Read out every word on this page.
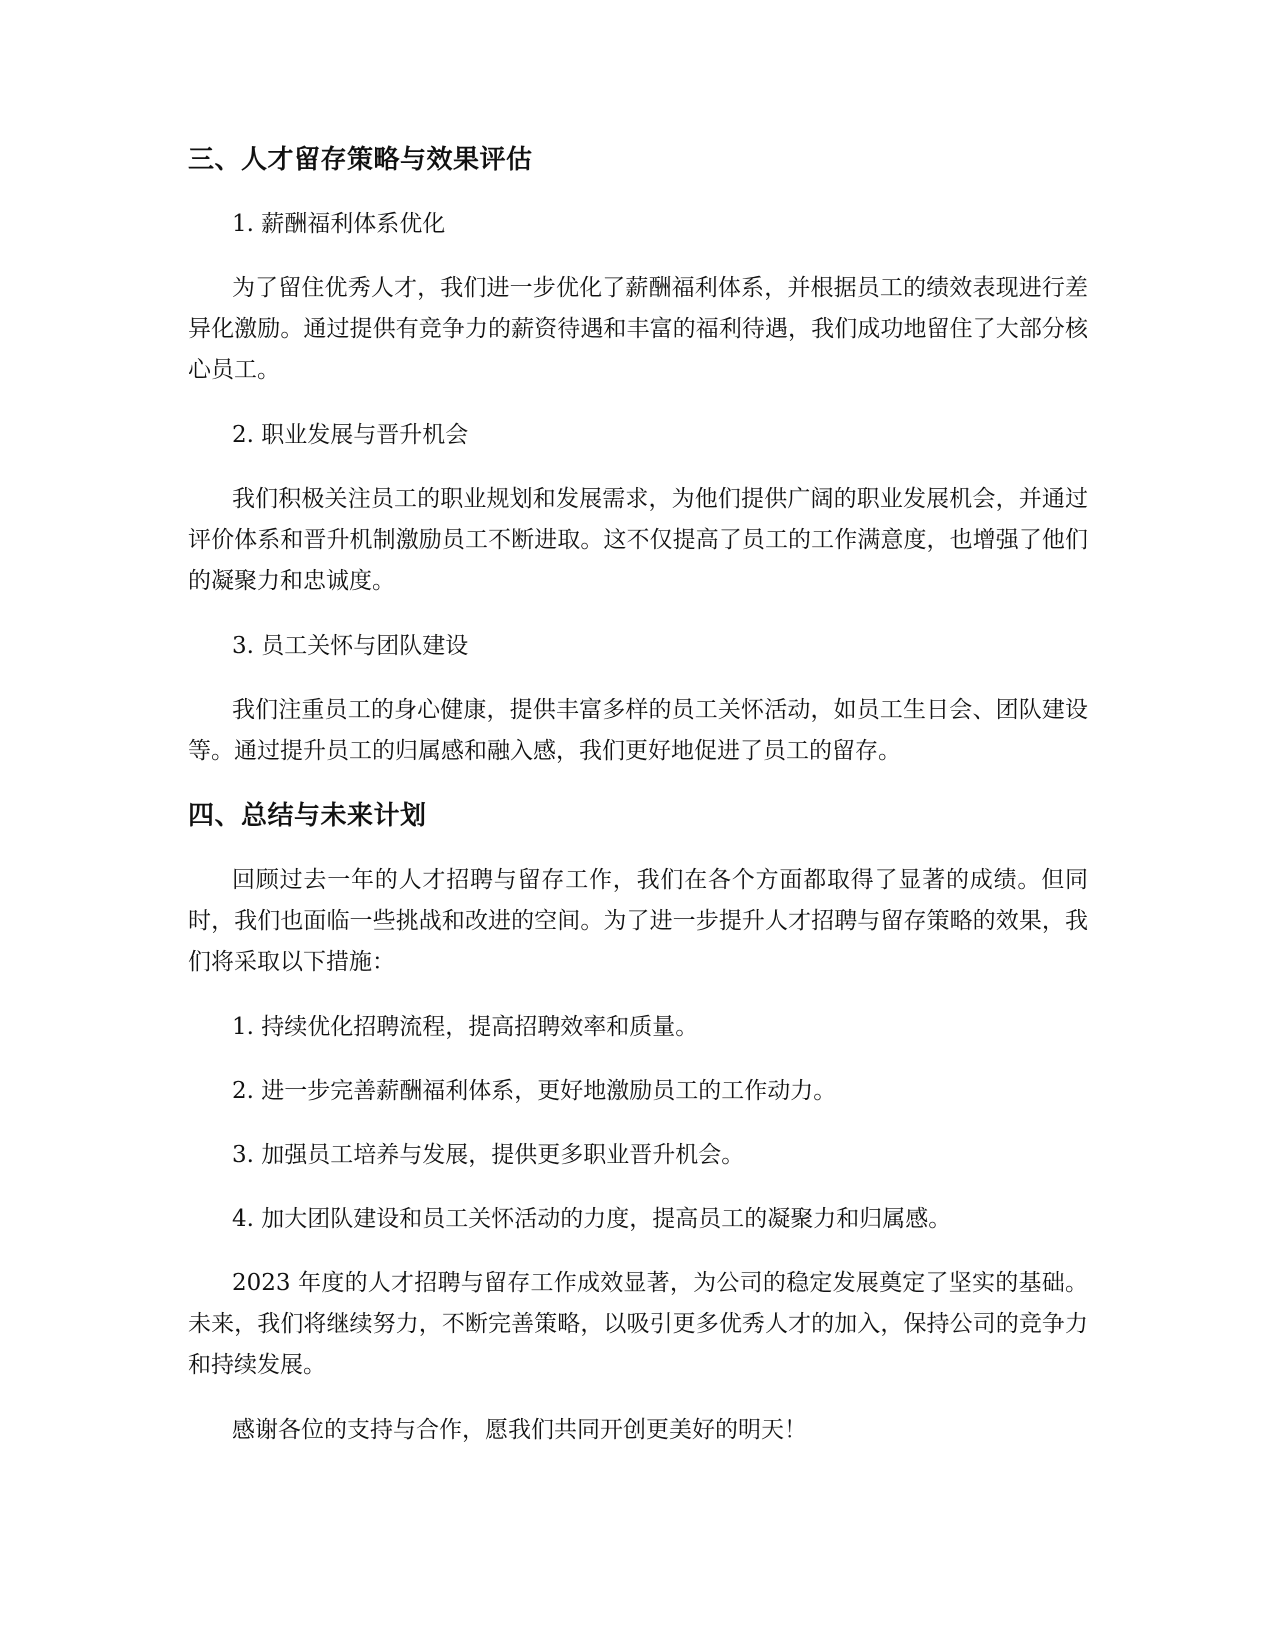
三、人才留存策略与效果评估

1. 薪酬福利体系优化

为了留住优秀人才，我们进一步优化了薪酬福利体系，并根据员工的绩效表现进行差异化激励。通过提供有竞争力的薪资待遇和丰富的福利待遇，我们成功地留住了大部分核心员工。

2. 职业发展与晋升机会

我们积极关注员工的职业规划和发展需求，为他们提供广阔的职业发展机会，并通过评价体系和晋升机制激励员工不断进取。这不仅提高了员工的工作满意度，也增强了他们的凝聚力和忠诚度。

3. 员工关怀与团队建设

我们注重员工的身心健康，提供丰富多样的员工关怀活动，如员工生日会、团队建设等。通过提升员工的归属感和融入感，我们更好地促进了员工的留存。

四、总结与未来计划

回顾过去一年的人才招聘与留存工作，我们在各个方面都取得了显著的成绩。但同时，我们也面临一些挑战和改进的空间。为了进一步提升人才招聘与留存策略的效果，我们将采取以下措施：

1. 持续优化招聘流程，提高招聘效率和质量。

2. 进一步完善薪酬福利体系，更好地激励员工的工作动力。

3. 加强员工培养与发展，提供更多职业晋升机会。

4. 加大团队建设和员工关怀活动的力度，提高员工的凝聚力和归属感。

2023 年度的人才招聘与留存工作成效显著，为公司的稳定发展奠定了坚实的基础。未来，我们将继续努力，不断完善策略，以吸引更多优秀人才的加入，保持公司的竞争力和持续发展。

感谢各位的支持与合作，愿我们共同开创更美好的明天！
